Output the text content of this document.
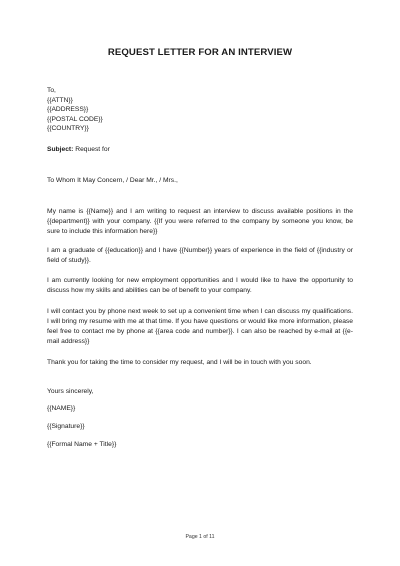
REQUEST LETTER FOR AN INTERVIEW
To,
{{ATTN}}
{{ADDRESS}}
{{POSTAL CODE}}
{{COUNTRY}}
Subject: Request for
To Whom It May Concern, / Dear Mr., / Mrs.,
My name is {{Name}} and I am writing to request an interview to discuss available positions in the {{department}} with your company. {{If you were referred to the company by someone you know, be sure to include this information here}}
I am a graduate of {{education}} and I have {{Number}} years of experience in the field of {{industry or field of study}}.
I am currently looking for new employment opportunities and I would like to have the opportunity to discuss how my skills and abilities can be of benefit to your company.
I will contact you by phone next week to set up a convenient time when I can discuss my qualifications. I will bring my resume with me at that time. If you have questions or would like more information, please feel free to contact me by phone at {{area code and number}}. I can also be reached by e-mail at {{e-mail address}}
Thank you for taking the time to consider my request, and I will be in touch with you soon.
Yours sincerely,
{{NAME}}
{{Signature}}
{{Formal Name + Title}}
Page 1 of 11
